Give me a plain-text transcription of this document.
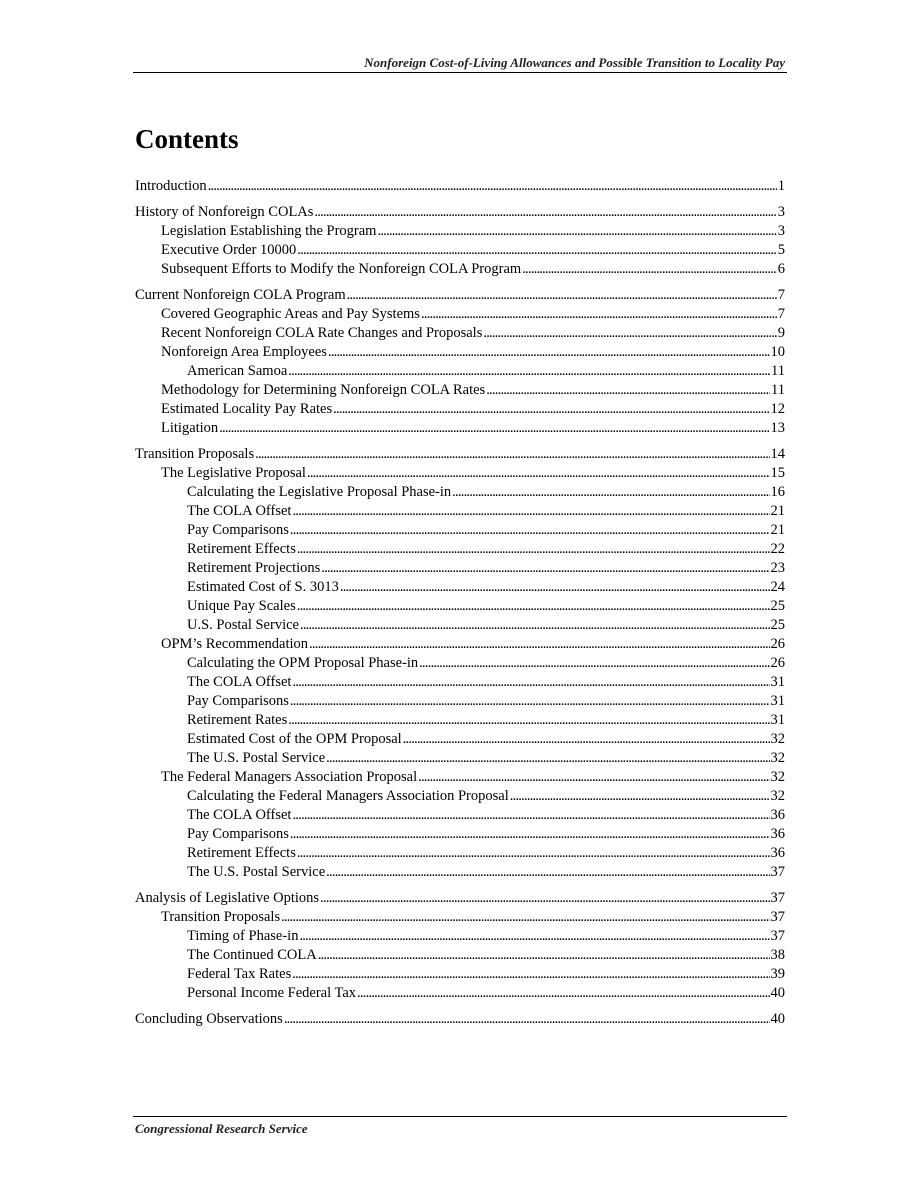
Nonforeign Cost-of-Living Allowances and Possible Transition to Locality Pay
Contents
Introduction . . .	1
History of Nonforeign COLAs . . .	3
Legislation Establishing the Program . . .	3
Executive Order 10000 . . .	5
Subsequent Efforts to Modify the Nonforeign COLA Program . . .	6
Current Nonforeign COLA Program . . .	7
Covered Geographic Areas and Pay Systems . . .	7
Recent Nonforeign COLA Rate Changes and Proposals . . .	9
Nonforeign Area Employees . . .	10
American Samoa . . .	11
Methodology for Determining Nonforeign COLA Rates . . .	11
Estimated Locality Pay Rates . . .	12
Litigation . . .	13
Transition Proposals . . .	14
The Legislative Proposal . . .	15
Calculating the Legislative Proposal Phase-in . . .	16
The COLA Offset . . .	21
Pay Comparisons . . .	21
Retirement Effects . . .	22
Retirement Projections . . .	23
Estimated Cost of S. 3013 . . .	24
Unique Pay Scales . . .	25
U.S. Postal Service . . .	25
OPM’s Recommendation . . .	26
Calculating the OPM Proposal Phase-in . . .	26
The COLA Offset . . .	31
Pay Comparisons . . .	31
Retirement Rates . . .	31
Estimated Cost of the OPM Proposal . . .	32
The U.S. Postal Service . . .	32
The Federal Managers Association Proposal . . .	32
Calculating the Federal Managers Association Proposal . . .	32
The COLA Offset . . .	36
Pay Comparisons . . .	36
Retirement Effects . . .	36
The U.S. Postal Service . . .	37
Analysis of Legislative Options . . .	37
Transition Proposals . . .	37
Timing of Phase-in . . .	37
The Continued COLA . . .	38
Federal Tax Rates . . .	39
Personal Income Federal Tax . . .	40
Concluding Observations . . .	40
Congressional Research Service
